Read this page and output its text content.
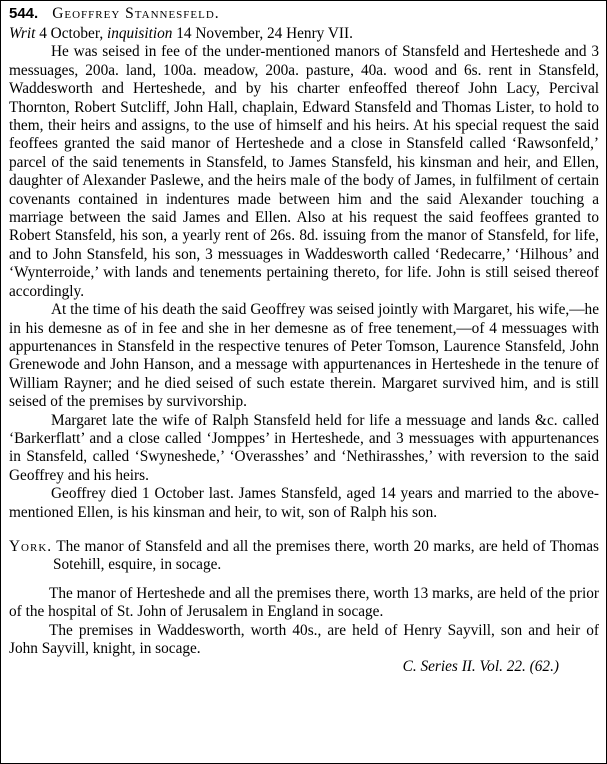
544. Geoffrey Stannesfeld.

Writ 4 October, inquisition 14 November, 24 Henry VII.

He was seised in fee of the under-mentioned manors of Stansfeld and Herteshede and 3 messuages, 200a. land, 100a. meadow, 200a. pasture, 40a. wood and 6s. rent in Stansfeld, Waddesworth and Herteshede, and by his charter enfeoffed thereof John Lacy, Percival Thornton, Robert Sutcliff, John Hall, chaplain, Edward Stansfeld and Thomas Lister, to hold to them, their heirs and assigns, to the use of himself and his heirs. At his special request the said feoffees granted the said manor of Herteshede and a close in Stansfeld called ‘Rawsonfeld,’ parcel of the said tenements in Stansfeld, to James Stansfeld, his kinsman and heir, and Ellen, daughter of Alexander Paslewe, and the heirs male of the body of James, in fulfilment of certain covenants contained in indentures made between him and the said Alexander touching a marriage between the said James and Ellen. Also at his request the said feoffees granted to Robert Stansfeld, his son, a yearly rent of 26s. 8d. issuing from the manor of Stansfeld, for life, and to John Stansfeld, his son, 3 messuages in Waddesworth called ‘Redecarre,’ ‘Hilhous’ and ‘Wynterroide,’ with lands and tenements pertaining thereto, for life. John is still seised thereof accordingly.

At the time of his death the said Geoffrey was seised jointly with Margaret, his wife,—he in his demesne as of in fee and she in her demesne as of free tenement,—of 4 messuages with appurtenances in Stansfeld in the respective tenures of Peter Tomson, Laurence Stansfeld, John Grenewode and John Hanson, and a message with appurtenances in Herteshede in the tenure of William Rayner; and he died seised of such estate therein. Margaret survived him, and is still seised of the premises by survivorship.

Margaret late the wife of Ralph Stansfeld held for life a messuage and lands &c. called ‘Barkerflatt’ and a close called ‘Jomppes’ in Herteshede, and 3 messuages with appurtenances in Stansfeld, called ‘Swyneshede,’ ‘Overasshes’ and ‘Nethirasshes,’ with reversion to the said Geoffrey and his heirs.

Geoffrey died 1 October last. James Stansfeld, aged 14 years and married to the above-mentioned Ellen, is his kinsman and heir, to wit, son of Ralph his son.

York. The manor of Stansfeld and all the premises there, worth 20 marks, are held of Thomas Sotehill, esquire, in socage.

The manor of Herteshede and all the premises there, worth 13 marks, are held of the prior of the hospital of St. John of Jerusalem in England in socage.

The premises in Waddesworth, worth 40s., are held of Henry Sayvill, son and heir of John Sayvill, knight, in socage.

C. Series II. Vol. 22. (62.)
